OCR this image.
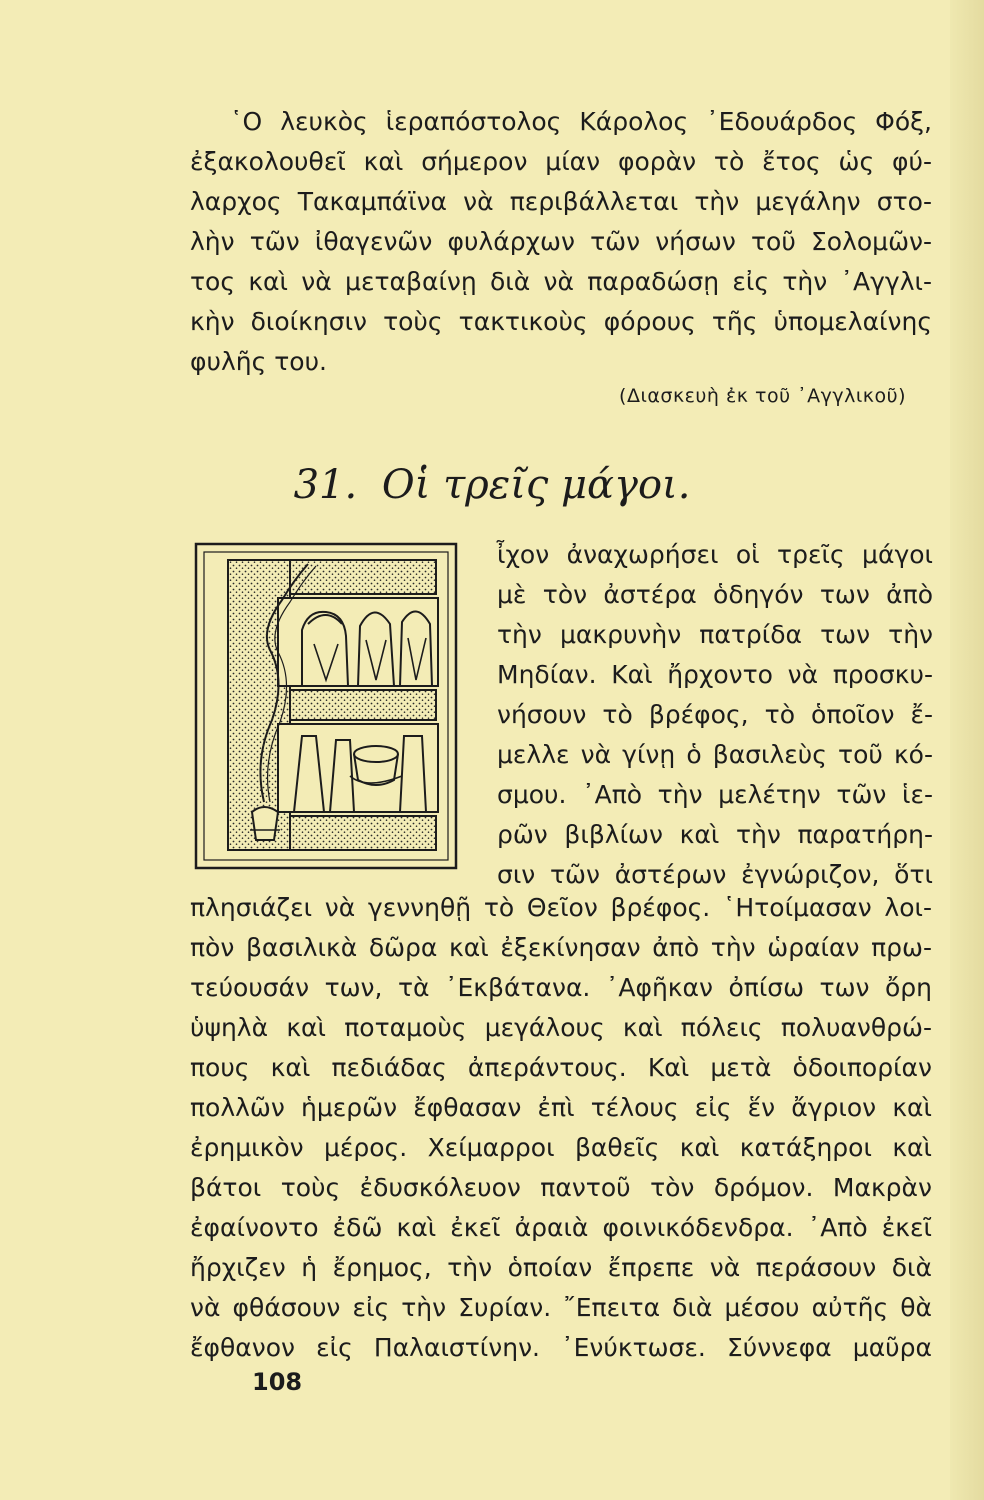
῾Ο λευκὸς ἱεραπόστολος Κάρολος ᾿Εδουάρδος Φόξ,
ἐξακολουθεῖ καὶ σήμερον μίαν φορὰν τὸ ἔτος ὡς φύ-
λαρχος Τακαμπάϊνα νὰ περιβάλλεται τὴν μεγάλην στο-
λὴν τῶν ἰθαγενῶν φυλάρχων τῶν νήσων τοῦ Σολομῶν-
τος καὶ νὰ μεταβαίνῃ διὰ νὰ παραδώσῃ εἰς τὴν ᾿Αγγλι-
κὴν διοίκησιν τοὺς τακτικοὺς φόρους τῆς ὑπομελαίνης
φυλῆς του.
(Διασκευὴ ἐκ τοῦ ᾿Αγγλικοῦ)
31. Οἱ τρεῖς μάγοι.
ἶχον ἀναχωρήσει οἱ τρεῖς μάγοι
μὲ τὸν ἀστέρα ὁδηγόν των ἀπὸ
τὴν μακρυνὴν πατρίδα των τὴν
Μηδίαν. Καὶ ἤρχοντο νὰ προσκυ-
νήσουν τὸ βρέφος, τὸ ὁποῖον ἔ-
μελλε νὰ γίνῃ ὁ βασιλεὺς τοῦ κό-
σμου. ᾿Απὸ τὴν μελέτην τῶν ἱε-
ρῶν βιβλίων καὶ τὴν παρατήρη-
σιν τῶν ἀστέρων ἐγνώριζον, ὅτι
πλησιάζει νὰ γεννηθῇ τὸ Θεῖον βρέφος. ῾Ητοίμασαν λοι-
πὸν βασιλικὰ δῶρα καὶ ἐξεκίνησαν ἀπὸ τὴν ὡραίαν πρω-
τεύουσάν των, τὰ ᾿Εκβάτανα. ᾿Αφῆκαν ὀπίσω των ὄρη
ὑψηλὰ καὶ ποταμοὺς μεγάλους καὶ πόλεις πολυανθρώ-
πους καὶ πεδιάδας ἀπεράντους. Καὶ μετὰ ὁδοιπορίαν
πολλῶν ἡμερῶν ἔφθασαν ἐπὶ τέλους εἰς ἕν ἄγριον καὶ
ἐρημικὸν μέρος. Χείμαρροι βαθεῖς καὶ κατάξηροι καὶ
βάτοι τοὺς ἐδυσκόλευον παντοῦ τὸν δρόμον. Μακρὰν
ἐφαίνοντο ἐδῶ καὶ ἐκεῖ ἀραιὰ φοινικόδενδρα. ᾿Απὸ ἐκεῖ
ἤρχιζεν ἡ ἔρημος, τὴν ὁποίαν ἔπρεπε νὰ περάσουν διὰ
νὰ φθάσουν εἰς τὴν Συρίαν. ῎Επειτα διὰ μέσου αὐτῆς θὰ
ἔφθανον εἰς Παλαιστίνην. ᾿Ενύκτωσε. Σύννεφα μαῦρα
108
